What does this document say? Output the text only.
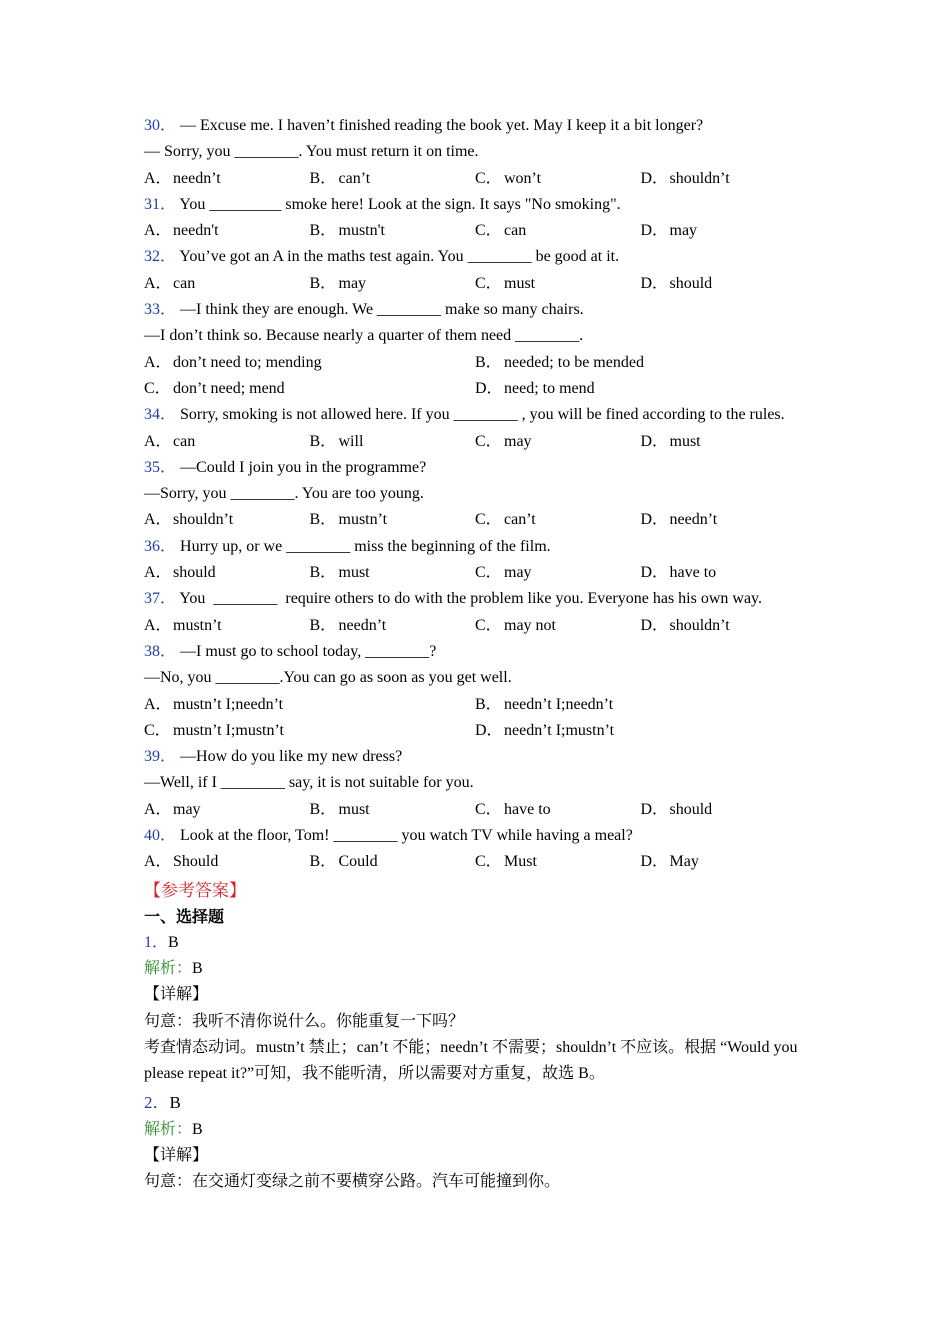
30． — Excuse me. I haven’t finished reading the book yet. May I keep it a bit longer?
— Sorry, you ________. You must return it on time.
A．needn’t	B． can’t	C． won’t	D．shouldn’t
31． You _________ smoke here! Look at the sign. It says "No smoking".
A．needn't	B． mustn't	C． can	D．may
32． You’ve got an A in the maths test again. You ________ be good at it.
A．can	B． may	C． must	D．should
33． —I think they are enough. We ________ make so many chairs.
—I don’t think so. Because nearly a quarter of them need ________.
A．don’t need to; mending	B． needed; to be mended
C． don’t need; mend	D．need; to mend
34． Sorry, smoking is not allowed here. If you ________ , you will be fined according to the rules.
A．can	B． will	C． may	D．must
35． —Could I join you in the programme?
—Sorry, you ________. You are too young.
A．shouldn’t	B． mustn’t	C． can’t	D．needn’t
36． Hurry up, or we ________ miss the beginning of the film.
A．should	B． must	C． may	D．have to
37． You  ________  require others to do with the problem like you. Everyone has his own way.
A．mustn’t	B． needn’t	C． may not	D．shouldn’t
38． —I must go to school today, ________?
—No, you ________.You can go as soon as you get well.
A．mustn’t I;needn’t	B． needn’t I;needn’t
C． mustn’t I;mustn’t	D．needn’t I;mustn’t
39． —How do you like my new dress?
—Well, if I ________ say, it is not suitable for you.
A．may	B． must	C． have to	D．should
40． Look at the floor, Tom! ________ you watch TV while having a meal?
A．Should	B． Could	C． Must	D．May
【参考答案】
一、选择题
1．B
解析：B
【详解】
句意：我听不清你说什么。你能重复一下吗？
考查情态动词。mustn’t 禁止；can’t 不能；needn’t 不需要；shouldn’t 不应该。根据 “Would you please repeat it?”可知，我不能听清，所以需要对方重复，故选 B。
2．B
解析：B
【详解】
句意：在交通灯变绿之前不要横穿公路。汽车可能撞到你。
